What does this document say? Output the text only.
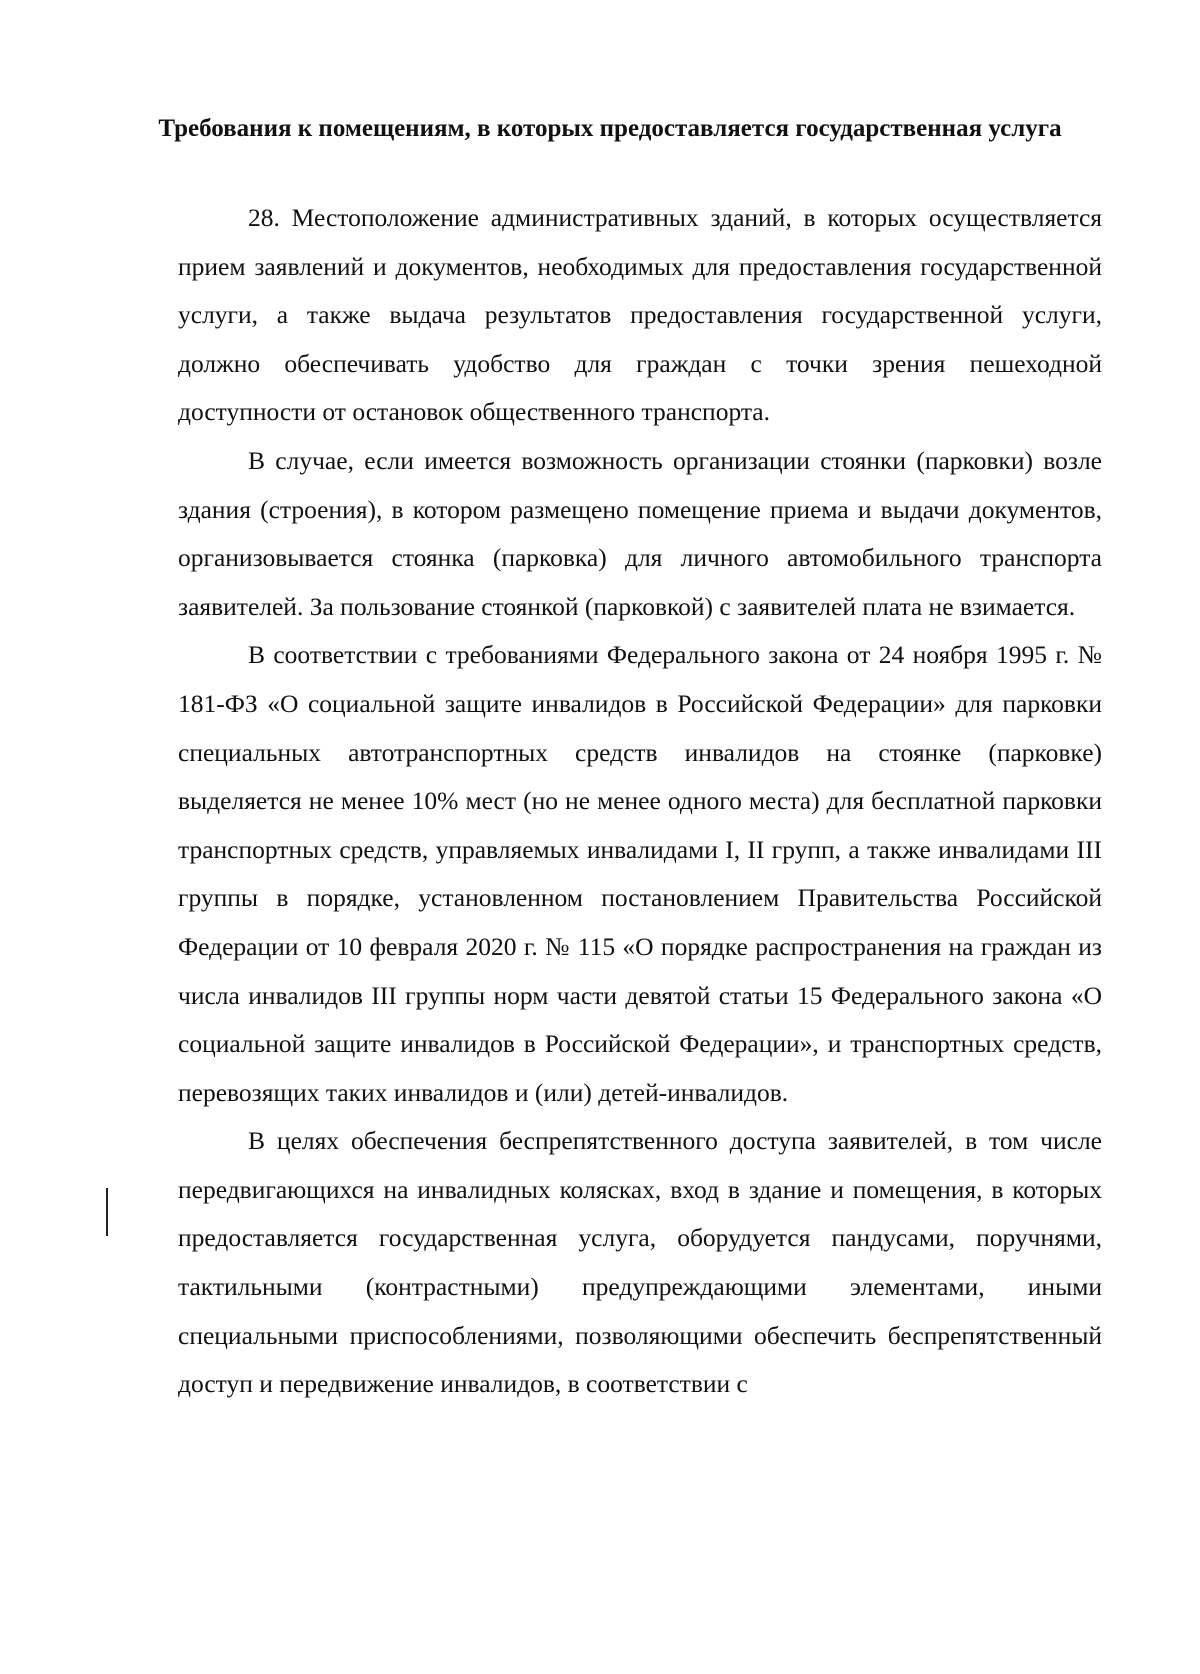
Требования к помещениям, в которых предоставляется государственная услуга

28. Местоположение административных зданий, в которых осуществляется прием заявлений и документов, необходимых для предоставления государственной услуги, а также выдача результатов предоставления государственной услуги, должно обеспечивать удобство для граждан с точки зрения пешеходной доступности от остановок общественного транспорта.

В случае, если имеется возможность организации стоянки (парковки) возле здания (строения), в котором размещено помещение приема и выдачи документов, организовывается стоянка (парковка) для личного автомобильного транспорта заявителей. За пользование стоянкой (парковкой) с заявителей плата не взимается.

В соответствии с требованиями Федерального закона от 24 ноября 1995 г. № 181-ФЗ «О социальной защите инвалидов в Российской Федерации» для парковки специальных автотранспортных средств инвалидов на стоянке (парковке) выделяется не менее 10% мест (но не менее одного места) для бесплатной парковки транспортных средств, управляемых инвалидами I, II групп, а также инвалидами III группы в порядке, установленном постановлением Правительства Российской Федерации от 10 февраля 2020 г. № 115 «О порядке распространения на граждан из числа инвалидов III группы норм части девятой статьи 15 Федерального закона «О социальной защите инвалидов в Российской Федерации», и транспортных средств, перевозящих таких инвалидов и (или) детей-инвалидов.

В целях обеспечения беспрепятственного доступа заявителей, в том числе передвигающихся на инвалидных колясках, вход в здание и помещения, в которых предоставляется государственная услуга, оборудуется пандусами, поручнями, тактильными (контрастными) предупреждающими элементами, иными специальными приспособлениями, позволяющими обеспечить беспрепятственный доступ и передвижение инвалидов, в соответствии с
